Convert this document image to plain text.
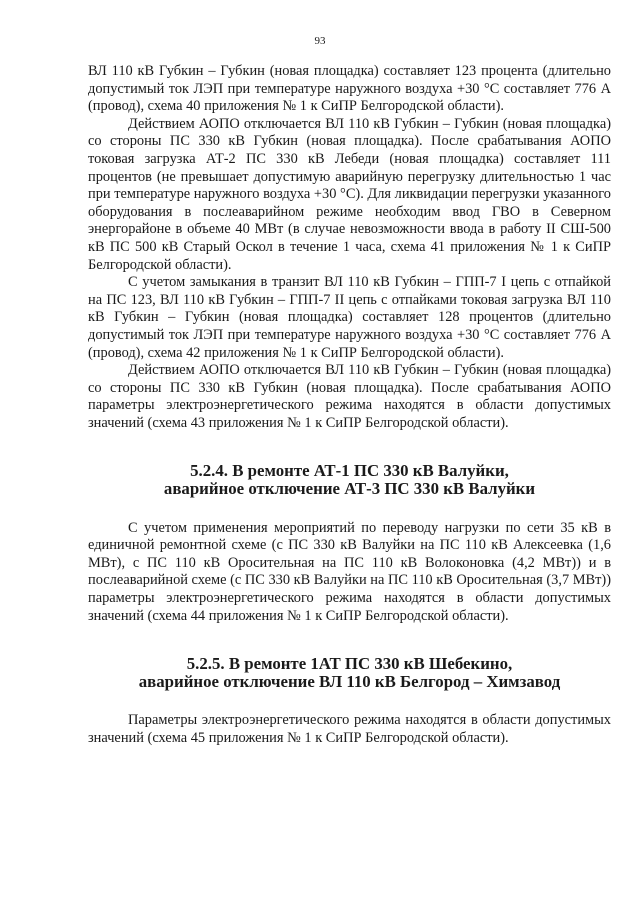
93

ВЛ 110 кВ Губкин – Губкин (новая площадка) составляет 123 процента (длительно допустимый ток ЛЭП при температуре наружного воздуха +30 °С составляет 776 А (провод), схема 40 приложения № 1 к СиПР Белгородской области).

Действием АОПО отключается ВЛ 110 кВ Губкин – Губкин (новая площадка) со стороны ПС 330 кВ Губкин (новая площадка). После срабатывания АОПО токовая загрузка АТ-2 ПС 330 кВ Лебеди (новая площадка) составляет 111 процентов (не превышает допустимую аварийную перегрузку длительностью 1 час при температуре наружного воздуха +30 °С). Для ликвидации перегрузки указанного оборудования в послеаварийном режиме необходим ввод ГВО в Северном энергорайоне в объеме 40 МВт (в случае невозможности ввода в работу II СШ-500 кВ ПС 500 кВ Старый Оскол в течение 1 часа, схема 41 приложения № 1 к СиПР Белгородской области).

С учетом замыкания в транзит ВЛ 110 кВ Губкин – ГПП-7 I цепь с отпайкой на ПС 123, ВЛ 110 кВ Губкин – ГПП-7 II цепь с отпайками токовая загрузка ВЛ 110 кВ Губкин – Губкин (новая площадка) составляет 128 процентов (длительно допустимый ток ЛЭП при температуре наружного воздуха +30 °С составляет 776 А (провод), схема 42 приложения № 1 к СиПР Белгородской области).

Действием АОПО отключается ВЛ 110 кВ Губкин – Губкин (новая площадка) со стороны ПС 330 кВ Губкин (новая площадка). После срабатывания АОПО параметры электроэнергетического режима находятся в области допустимых значений (схема 43 приложения № 1 к СиПР Белгородской области).

5.2.4. В ремонте АТ-1 ПС 330 кВ Валуйки,
аварийное отключение АТ-3 ПС 330 кВ Валуйки

С учетом применения мероприятий по переводу нагрузки по сети 35 кВ в единичной ремонтной схеме (с ПС 330 кВ Валуйки на ПС 110 кВ Алексеевка (1,6 МВт), с ПС 110 кВ Оросительная на ПС 110 кВ Волоконовка (4,2 МВт)) и в послеаварийной схеме (с ПС 330 кВ Валуйки на ПС 110 кВ Оросительная (3,7 МВт)) параметры электроэнергетического режима находятся в области допустимых значений (схема 44 приложения № 1 к СиПР Белгородской области).

5.2.5. В ремонте 1АТ ПС 330 кВ Шебекино,
аварийное отключение ВЛ 110 кВ Белгород – Химзавод

Параметры электроэнергетического режима находятся в области допустимых значений (схема 45 приложения № 1 к СиПР Белгородской области).
